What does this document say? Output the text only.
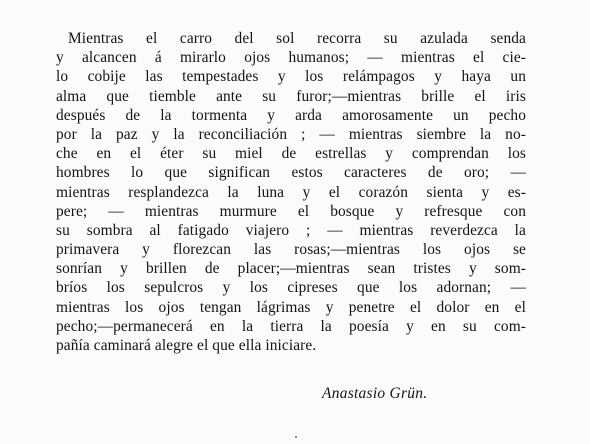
Mientras el carro del sol recorra su azulada senda
y alcancen á mirarlo ojos humanos; — mientras el cie-
lo cobije las tempestades y los relámpagos y haya un
alma que tiemble ante su furor;—mientras brille el iris
después de la tormenta y arda amorosamente un pecho
por la paz y la reconciliación ; — mientras siembre la no-
che en el éter su miel de estrellas y comprendan los
hombres lo que significan estos caracteres de oro; —
mientras resplandezca la luna y el corazón sienta y es-
pere; — mientras murmure el bosque y refresque con
su sombra al fatigado viajero ; — mientras reverdezca la
primavera y florezcan las rosas;—mientras los ojos se
sonrían y brillen de placer;—mientras sean tristes y som-
bríos los sepulcros y los cipreses que los adornan; —
mientras los ojos tengan lágrimas y penetre el dolor en el
pecho;—permanecerá en la tierra la poesía y en su com-
pañía caminará alegre el que ella iniciare.
Anastasio Grün.
